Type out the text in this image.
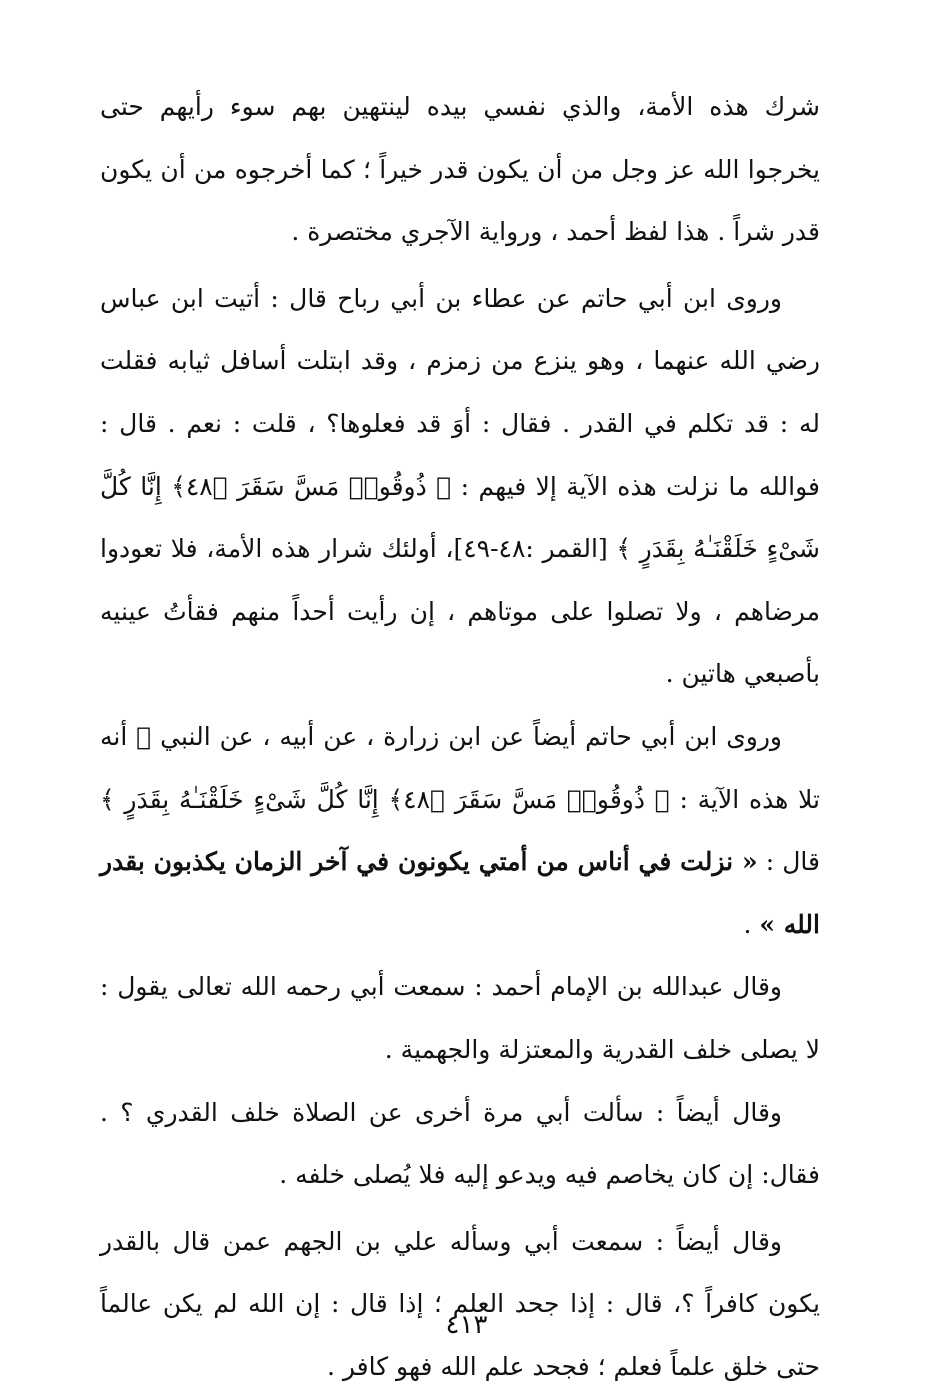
شرك هذه الأمة، والذي نفسي بيده لينتهين بهم سوء رأيهم حتى يخرجوا الله عز وجل من أن يكون قدر خيراً ؛ كما أخرجوه من أن يكون قدر شراً . هذا لفظ أحمد ، ورواية الآجري مختصرة .

وروى ابن أبي حاتم عن عطاء بن أبي رباح قال : أتيت ابن عباس رضي الله عنهما ، وهو ينزع من زمزم ، وقد ابتلت أسافل ثيابه فقلت له : قد تكلم في القدر . فقال : أوَ قد فعلوها؟ ، قلت : نعم . قال : فوالله ما نزلت هذه الآية إلا فيهم : ﴿ ذُوقُوا۟ مَسَّ سَقَرَ ﴿٤٨﴾ إِنَّا كُلَّ شَىْءٍ خَلَقْنَـٰهُ بِقَدَرٍ ﴾ [القمر :٤٨-٤٩]، أولئك شرار هذه الأمة، فلا تعودوا مرضاهم ، ولا تصلوا على موتاهم ، إن رأيت أحداً منهم فقأتُ عينيه بأصبعي هاتين .

وروى ابن أبي حاتم أيضاً عن ابن زرارة ، عن أبيه ، عن النبي ﷺ أنه تلا هذه الآية : ﴿ ذُوقُوا۟ مَسَّ سَقَرَ ﴿٤٨﴾ إِنَّا كُلَّ شَىْءٍ خَلَقْنَـٰهُ بِقَدَرٍ ﴾ قال : « نزلت في أناس من أمتي يكونون في آخر الزمان يكذبون بقدر الله » .

وقال عبدالله بن الإمام أحمد : سمعت أبي رحمه الله تعالى يقول : لا يصلى خلف القدرية والمعتزلة والجهمية .

وقال أيضاً : سألت أبي مرة أخرى عن الصلاة خلف القدري ؟ . فقال: إن كان يخاصم فيه ويدعو إليه فلا يُصلى خلفه .

وقال أيضاً : سمعت أبي وسأله علي بن الجهم عمن قال بالقدر يكون كافراً ؟، قال : إذا جحد العلم ؛ إذا قال : إن الله لم يكن عالماً حتى خلق علماً فعلم ؛ فجحد علم الله فهو كافر .

٤١٣
